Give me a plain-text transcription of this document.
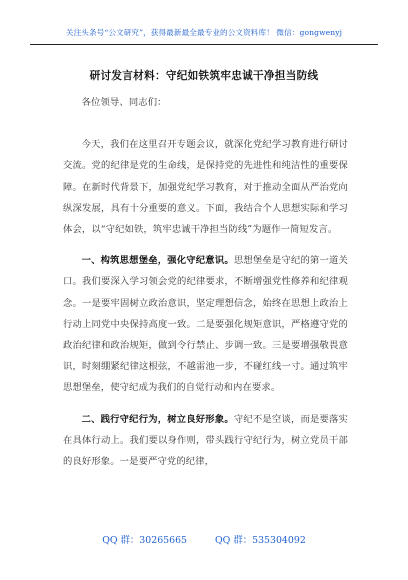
关注头条号“公文研究”，获得最新最全最专业的公文资料库！ 微信：gongwenyj
研讨发言材料：守纪如铁筑牢忠诚干净担当防线

各位领导、同志们：

今天，我们在这里召开专题会议，就深化党纪学习教育进行研讨交流。党的纪律是党的生命线，是保持党的先进性和纯洁性的重要保障。在新时代背景下，加强党纪学习教育，对于推动全面从严治党向纵深发展，具有十分重要的意义。下面，我结合个人思想实际和学习体会，以“守纪如铁，筑牢忠诚干净担当防线”为题作一简短发言。

一、构筑思想堡垒，强化守纪意识。思想堡垒是守纪的第一道关口。我们要深入学习领会党的纪律要求，不断增强党性修养和纪律观念。一是要牢固树立政治意识，坚定理想信念，始终在思想上政治上行动上同党中央保持高度一致。二是要强化规矩意识，严格遵守党的政治纪律和政治规矩，做到令行禁止、步调一致。三是要增强敬畏意识，时刻绷紧纪律这根弦，不越雷池一步，不碰红线一寸。通过筑牢思想堡垒，使守纪成为我们的自觉行动和内在要求。

二、践行守纪行为，树立良好形象。守纪不是空谈，而是要落实在具体行动上。我们要以身作则，带头践行守纪行为，树立党员干部的良好形象。一是要严守党的纪律，

QQ 群：30265665	QQ 群：535304092
